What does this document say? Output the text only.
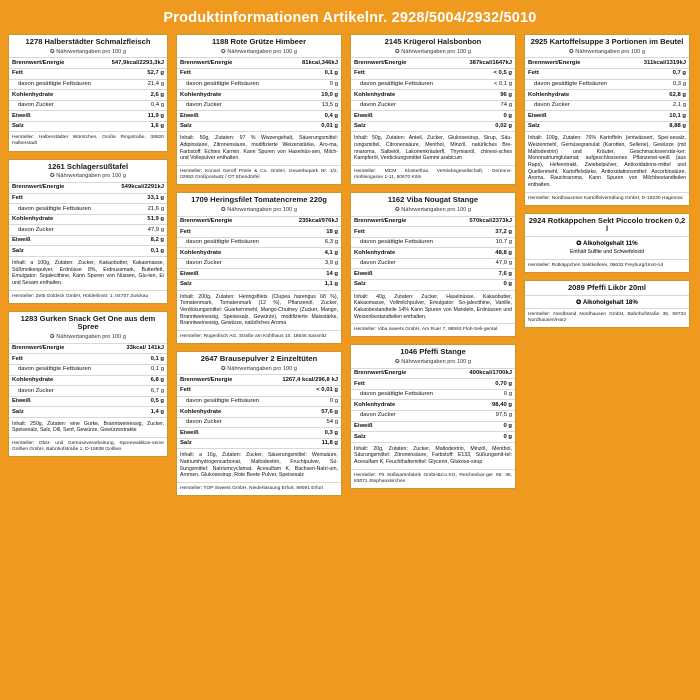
Produktinformationen Artikelnr. 2928/5004/2932/5010
1278 Halberstädter Schmalzfleisch
✪ Nährwertangaben pro 100 g
Brennwert/Energie	547,9kcal/2293,3kJ
Fett	52,7 g
davon gesättigte Fettsäuren	21,4 g
Kohlenhydrate	2,6 g
davon Zucker	0,4 g
Eiweiß	11,9 g
Salz	1,6 g
Hersteller: Halberstädter Würstchen, Große Ringstraße, 38820 Halberstadt
1261 Schlagersüßtafel
✪ Nährwertangaben pro 100 g
Brennwert/Energie	549kcal/2291kJ
Fett	33,1 g
davon gesättigte Fettsäuren	21,6 g
Kohlenhydrate	51,9 g
davon Zucker	47,9 g
Eiweiß	8,2 g
Salz	0,1 g
Inhalt: a 100g, Zutaten: Zucker, Kakaobutter, Kakaomasse, Süßmolkenpulver, Erdnüsse 8%, Erdnussmark, Butterfett, Emulgator: Sojalecithine, Kann Spuren von Nüssen, Glu-ten, Ei und Sesam enthalten.
Hersteller: Zetti Goldeck GmbH, Hölderlinstr. 1, 04707 Zwickau
1283 Gurken Snack Get One aus dem Spree
✪ Nährwertangaben pro 100 g
Brennwert/Energie	33kcal/ 141kJ
Fett	0,1 g
davon gesättigte Fettsäuren	0,1 g
Kohlenhydrate	6,8 g
davon Zucker	6,7 g
Eiweiß	0,5 g
Salz	1,4 g
Inhalt: 250g, Zutaten: eine Gurke, Branntweinessig, Zucker, Speisesalz, Salz, Dill, Senf, Gewürze, Gewürzextrakte
Hersteller: Obst- und Gemüseverarbeitung, Spreewaldkon-serve Golßen GmbH, Bahnhofstraße 1, D-15938 Golßen
1188 Rote Grütze Himbeer
✪ Nährwertangaben pro 100 g
Brennwert/Energie	81kcal,346kJ
Fett	0,1 g
davon gesättigte Fettsäuren	0 g
Kohlenhydrate	19,0 g
davon Zucker	13,5 g
Eiweiß	0,4 g
Salz	0,01 g
Inhalt: 50g, Zutaten: 97 % Wwzengehalt, Säuerungsmittel: Adipinsäure, Zitronensäure, modifizierte Weizenstärke, Aro-ma, Farbstoff: Echtes Karmin. Kann Spuren von Haselnüs-sen, Milch- und Vollepulver enthalten.
Hersteller: Konsel Gerolf Pönle & Co. GmbH, Gewerbepark Nr. 1/2, 02692 Großpostwitz / OT Ebendörfel
1709 Heringsfilet Tomatencreme 220g
✪ Nährwertangaben pro 100 g
Brennwert/Energie	235kcal/976kJ
Fett	18 g
davon gesättigte Fettsäuren	6,3 g
Kohlenhydrate	4,1 g
davon Zucker	3,9 g
Eiweiß	14 g
Salz	1,1 g
Inhalt: 200g, Zutaten: Heringsfilets (Clupea harengus 68 %), Tomatenmark, Tomatenmark (12 %), Pflanzenöl, Zucker, Verdickungsmittel: Guarkernmehl, Mango-Chutney (Zucker, Mango, Branntweinessig, Speisesalz, Gewürze), modifizierte Maisstärke, Branntweinessig, Gewürze, natürliches Aroma
Hersteller: Rügenfisch AG, Straße am Kühlhaus 10, 18546 Sassnitz
2647 Brausepulver 2 Einzeltüten
✪ Nährwertangaben pro 100 g
Brennwert/Energie	1267,4 kcal/296,8 kJ
Fett	< 0,01 g
davon gesättigte Fettsäuren	0 g
Kohlenhydrate	57,6 g
davon Zucker	54 g
Eiweiß	0,3 g
Salz	11,8 g
Inhalt: a 16g, Zutaten: Zucker, Säuerungsmittel: Weinsäure, Natriumhydrogencarbonat, Maltodextrin, Fruchtpulver, Sü-ßungsmittel: Natriumcyclamat, Acesulfam K, Bachsen-Natri-um, Aromen, Glukosesirup, Rote Beete Pulver, Speisesalz
Hersteller: TOP Sweets GmbH, Niederlassung Erfurt, 99091 Erfurt
2145 Krügerol Halsbonbon
✪ Nährwertangaben pro 100 g
Brennwert/Energie	387kcal/1647kJ
Fett	< 0,5 g
davon gesättigte Fettsäuren	< 0,1 g
Kohlenhydrate	96 g
davon Zucker	74 g
Eiweiß	0 g
Salz	0,02 g
Inhalt: 50g, Zutaten: Anteil, Zucker, Glukosesirup, Sirup, Säu-rungsmittel, Citronensäure, Menthol, Minzöl, natürliches Bre-nnaroma, Salbeiöl, Lakonenkräuterfl, Thymianöl, chinesi-sches Kampferöl, Verdickungsmittel Gummi arabicum
Hersteller: MCM Klosterfrau Vertriebsgesellschaft, Gereons-mühlengasse 1-11, 50670 Köln
1162 Viba Nougat Stange
✪ Nährwertangaben pro 100 g
Brennwert/Energie	570kcal/2373kJ
Fett	37,2 g
davon gesättigte Fettsäuren	10,7 g
Kohlenhydrate	48,8 g
davon Zucker	47,9 g
Eiweiß	7,6 g
Salz	0 g
Inhalt: 40g, Zutaten: Zucker, Haselnüsse, Kakaobutter, Kakaomasse, Vollmilchpulver, Emulgator: So-jalecithine, Vanille, Kakaobestandteile 14% Kann Spuren von Mandeln, Erdnüssen und Weizenbestandteilen enthalten.
Hersteller: Viba sweets GmbH, Am Ruer 7, 98593 Floh-Seli-gental
1046 Pfeffi Stange
✪ Nährwertangaben pro 100 g
Brennwert/Energie	400kcal/1700kJ
Fett	0,70 g
davon gesättigte Fettsäuren	0 g
Kohlenhydrate	98,40 g
davon Zucker	97,5 g
Eiweiß	0 g
Salz	0 g
Inhalt: 20g, Zutaten: Zucker, Maltodextrin, Minzöl, Menthol, Säurungsmittel: Zitronensäure, Farbstoff: E133, Süßungsmit-tel: Acesulfam K, Feuchthaltemittel: Glycerin, Glukose-sirup
Hersteller: Pit Süßwarenfabrik GmbH&Co.KG, Reichenbar-ger Str. 36, 83071 Stephanskirchen
2925 Kartoffelsuppe 3 Portionen im Beutel
✪ Nährwertangaben pro 100 g
Brennwert/Energie	311kcal/1319kJ
Fett	0,7 g
davon gesättigte Fettsäuren	0,3 g
Kohlenhydrate	62,8 g
davon Zucker	2,1 g
Eiweiß	10,1 g
Salz	8,88 g
Inhalt: 100g, Zutaten: 76% Kartoffeln (entwässert, Spei-sesalz, Weizenmehl, Gemüsegranulat (Karotten, Sellerie), Gewürze (mit Maltodextrin) und Kräuter, Geschmacksverstär-ker: Mononatriumglutamat; aufgeschlossenes Pflanzenei-weiß (aus Raps), Hefeextrakt, Zwiebelpulver, Antioxidations-mittel und Quellenmehl, Kartoffelstärke, Antioxidationsmittel: Ascorbinsäure, Aroma, Rauchraroma, Kann Spuren von Milchbestandteilen enthalten.
Hersteller: Nordhausener Kartoffelveredlung GmbH, D-19230 Hagenow
2924 Rotkäppchen Sekt Piccolo trocken 0,2 l
✪ Alkoholgehalt 11%
Enthält Sulfite und Schwefeloxid
Hersteller: Rotkäppchen Sektkellerei, 06632 Freyburg/Unst-rut
2089 Pfeffi Likör 20ml
✪ Alkoholgehalt 18%
Hersteller: Nordbrand Nordhausen GmbH, Bahnhofstraße 35, 99734 Nordhausen/Harz
